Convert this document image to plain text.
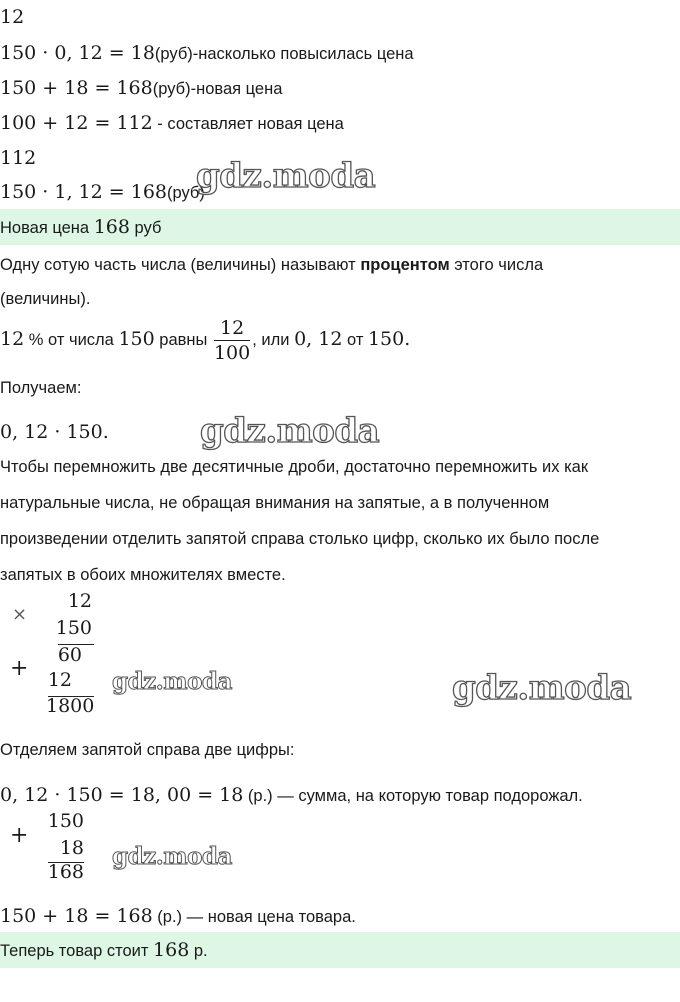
12
150 · 0, 12 = 18(руб)-насколько повысилась цена
150 + 18 = 168(руб)-новая цена
100 + 12 = 112 - составляет новая цена
112
150 · 1, 12 = 168(руб)
Новая цена 168 руб
Одну сотую часть числа (величины) называют процентом этого числа
(величины).
12 % от числа 150 равны $\frac{12}{100}$ , или 0, 12 от 150.
Получаем:
0, 12 · 150.
Чтобы перемножить две десятичные дроби, достаточно перемножить их как
натуральные числа, не обращая внимания на запятые, а в полученном
произведении отделить запятой справа столько цифр, сколько их было после
запятых в обоих множителях вместе.
×
12
150
60
+ 12
1800
Отделяем запятой справа две цифры:
0, 12 · 150 = 18, 00 = 18 (р.) — сумма, на которую товар подорожал.
+
150
18
168
150 + 18 = 168 (р.) — новая цена товара.
Теперь товар стоит 168 р.
gdz.moda
gdz.moda
gdz.moda	gdz.moda
gdz.moda
